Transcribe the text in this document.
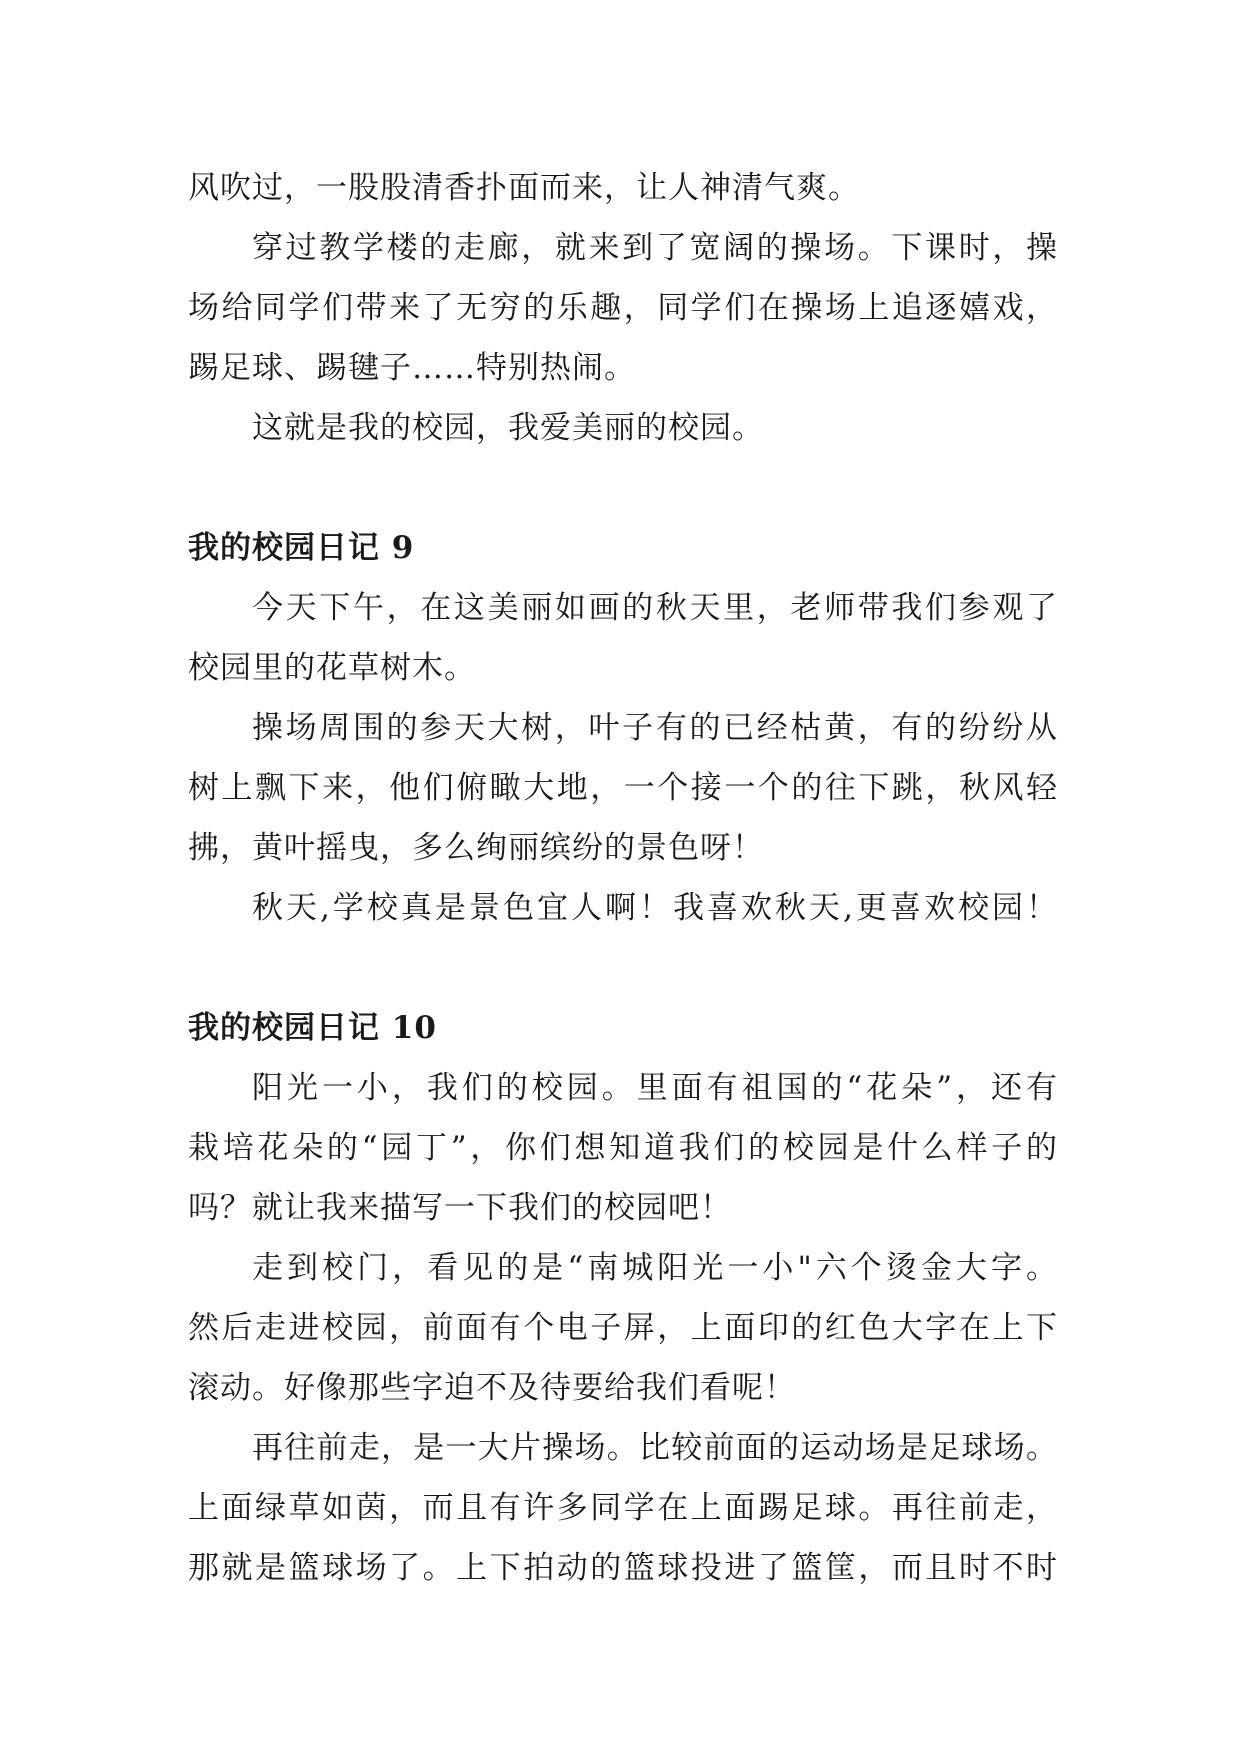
风吹过，一股股清香扑面而来，让人神清气爽。

穿过教学楼的走廊，就来到了宽阔的操场。下课时，操

场给同学们带来了无穷的乐趣，同学们在操场上追逐嬉戏，

踢足球、踢毽子……特别热闹。

这就是我的校园，我爱美丽的校园。

我的校园日记 9

今天下午，在这美丽如画的秋天里，老师带我们参观了

校园里的花草树木。

操场周围的参天大树，叶子有的已经枯黄，有的纷纷从

树上飘下来，他们俯瞰大地，一个接一个的往下跳，秋风轻

拂，黄叶摇曳，多么绚丽缤纷的景色呀！

秋天,学校真是景色宜人啊！我喜欢秋天,更喜欢校园！

我的校园日记 10

阳光一小，我们的校园。里面有祖国的“花朵”，还有

栽培花朵的“园丁”，你们想知道我们的校园是什么样子的

吗？就让我来描写一下我们的校园吧！

走到校门，看见的是“南城阳光一小"六个烫金大字。

然后走进校园，前面有个电子屏，上面印的红色大字在上下

滚动。好像那些字迫不及待要给我们看呢！

再往前走，是一大片操场。比较前面的运动场是足球场。

上面绿草如茵，而且有许多同学在上面踢足球。再往前走，

那就是篮球场了。上下拍动的篮球投进了篮筐，而且时不时
